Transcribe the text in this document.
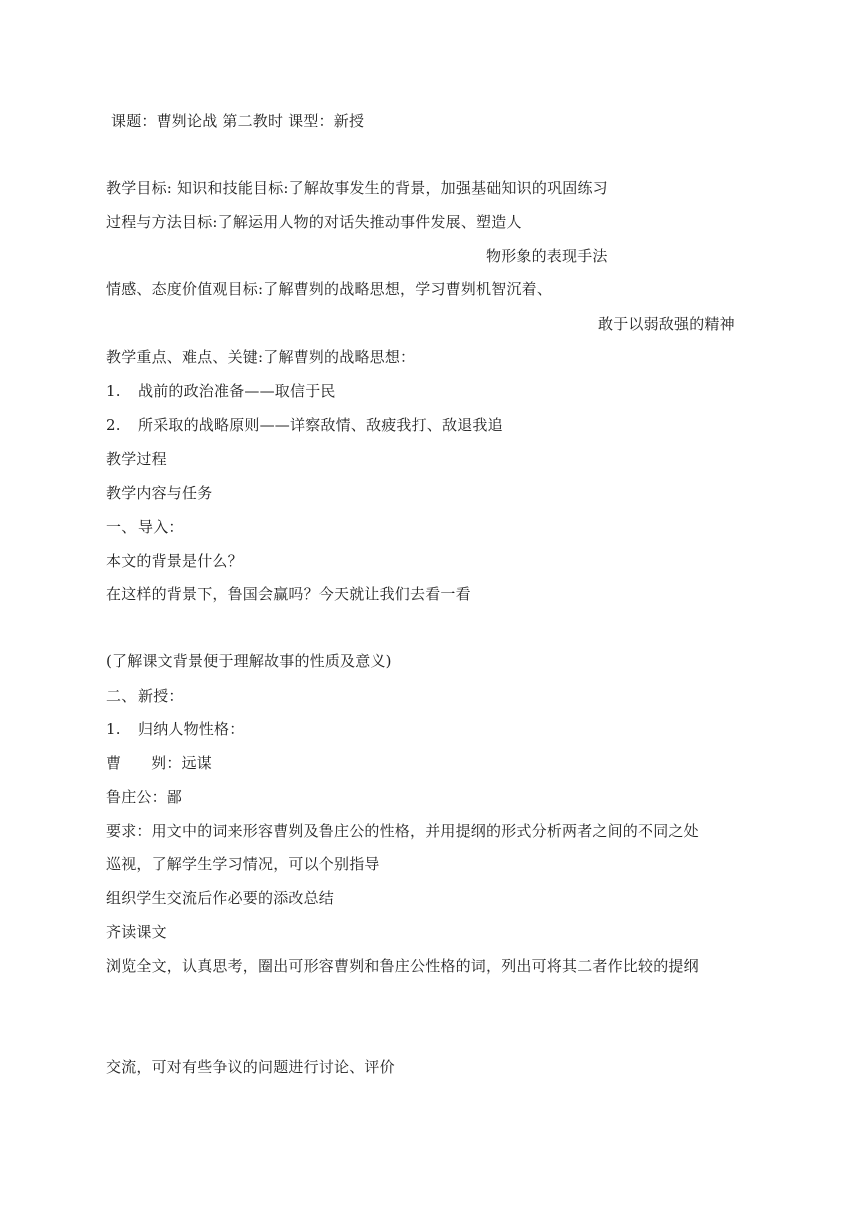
课题：曹刿论战 第二教时 课型：新授
教学目标: 知识和技能目标:了解故事发生的背景，加强基础知识的巩固练习
过程与方法目标:了解运用人物的对话失推动事件发展、塑造人
物形象的表现手法
情感、态度价值观目标:了解曹刿的战略思想，学习曹刿机智沉着、
敢于以弱敌强的精神
教学重点、难点、关键:了解曹刿的战略思想：
1. 战前的政治准备——取信于民
2. 所采取的战略原则——详察敌情、敌疲我打、敌退我追
教学过程
教学内容与任务
一、 导入：
本文的背景是什么？
在这样的背景下，鲁国会赢吗？今天就让我们去看一看
(了解课文背景便于理解故事的性质及意义)
二、 新授：
1. 归纳人物性格：
曹 刿：远谋
鲁庄公：鄙
要求：用文中的词来形容曹刿及鲁庄公的性格，并用提纲的形式分析两者之间的不同之处
巡视，了解学生学习情况，可以个别指导
组织学生交流后作必要的添改总结
齐读课文
浏览全文，认真思考，圈出可形容曹刿和鲁庄公性格的词，列出可将其二者作比较的提纲
交流，可对有些争议的问题进行讨论、评价
